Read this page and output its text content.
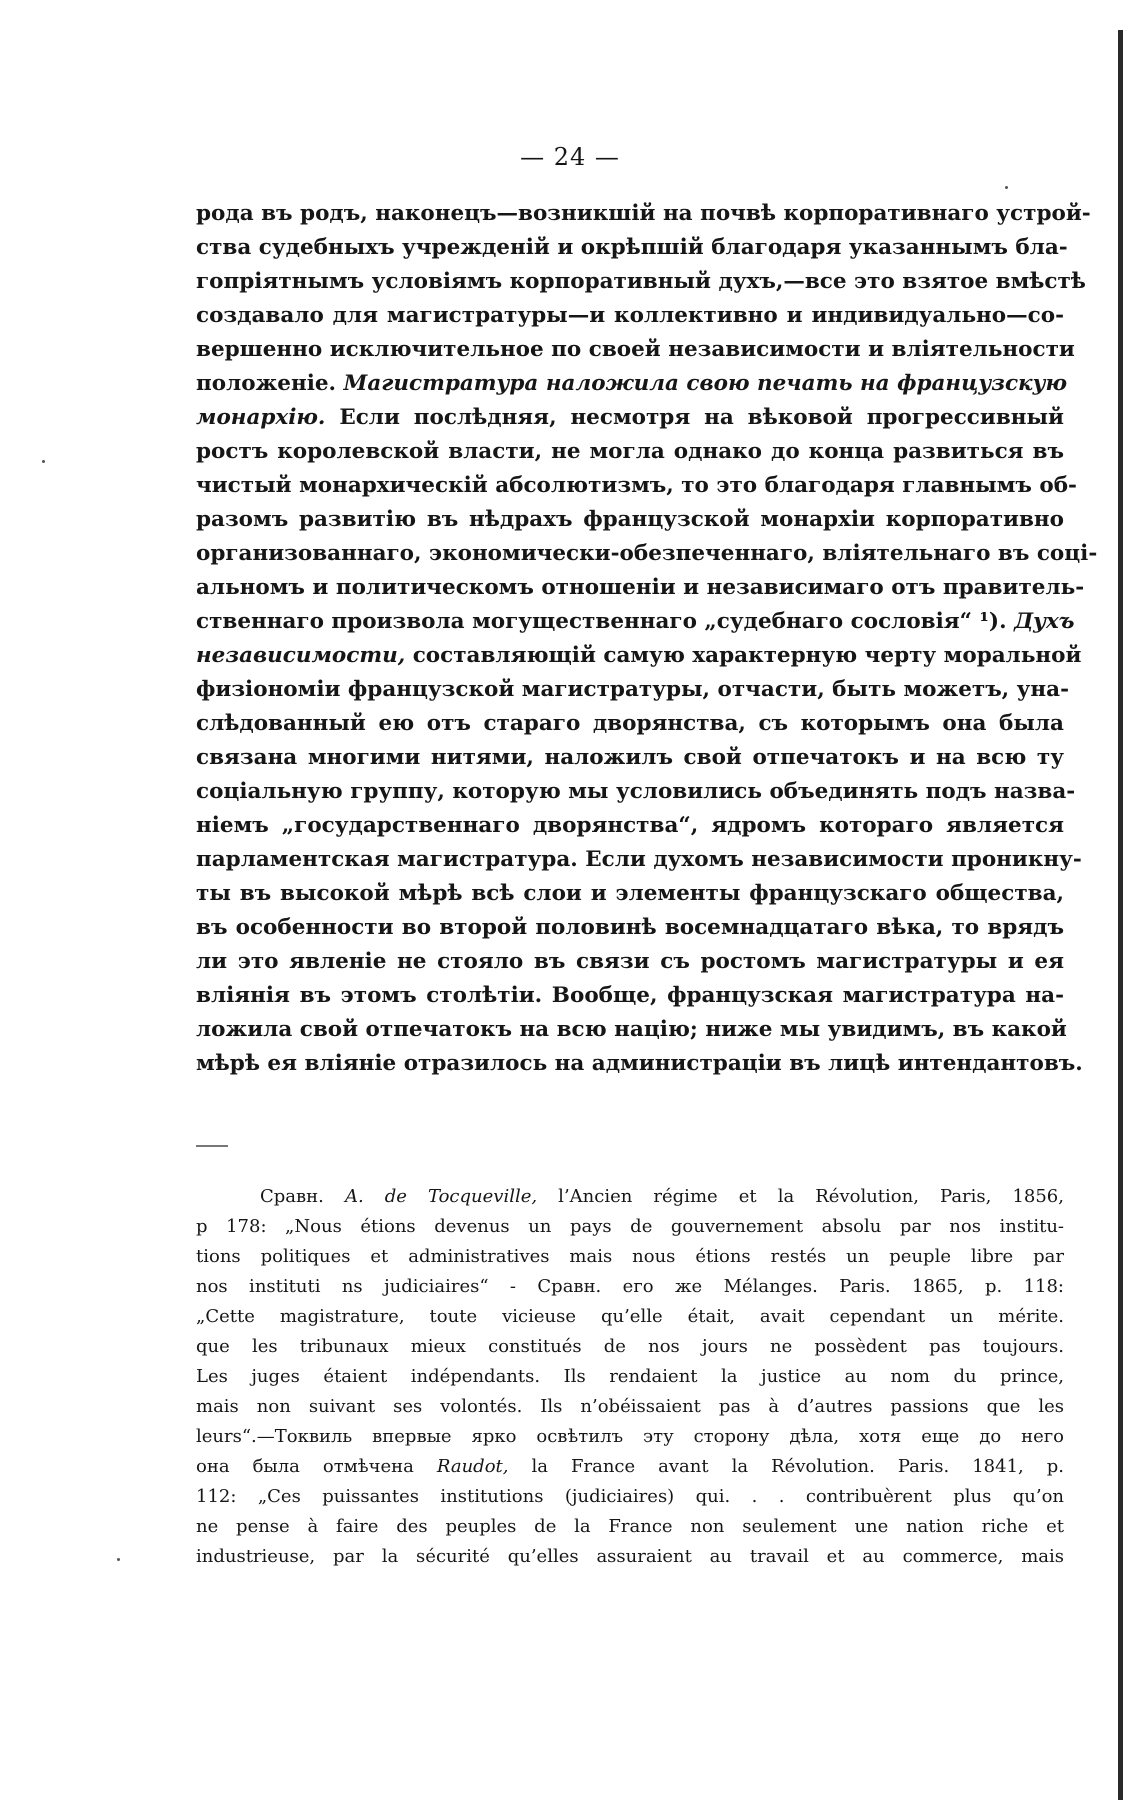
— 24 —
рода въ родъ, наконецъ—возникшій на почвѣ корпоративнаго устрой-
ства судебныхъ учрежденій и окрѣпшій благодаря указаннымъ бла-
гопріятнымъ условіямъ корпоративный духъ,—все это взятое вмѣстѣ
создавало для магистратуры—и коллективно и индивидуально—со-
вершенно исключительное по своей независимости и вліятельности
положеніе. Магистратура наложила свою печать на французскую
монархію. Если послѣдняя, несмотря на вѣковой прогрессивный
ростъ королевской власти, не могла однако до конца развиться въ
чистый монархическій абсолютизмъ, то это благодаря главнымъ об-
разомъ развитію въ нѣдрахъ французской монархіи корпоративно
организованнаго, экономически-обезпеченнаго, вліятельнаго въ соці-
альномъ и политическомъ отношеніи и независимаго отъ правитель-
ственнаго произвола могущественнаго „судебнаго сословія“ ¹). Духъ
независимости, составляющій самую характерную черту моральной
физіономіи французской магистратуры, отчасти, быть можетъ, уна-
слѣдованный ею отъ стараго дворянства, съ которымъ она была
связана многими нитями, наложилъ свой отпечатокъ и на всю ту
соціальную группу, которую мы условились объединять подъ назва-
ніемъ „государственнаго дворянства“, ядромъ котораго является
парламентская магистратура. Если духомъ независимости проникну-
ты въ высокой мѣрѣ всѣ слои и элементы французскаго общества,
въ особенности во второй половинѣ восемнадцатаго вѣка, то врядъ
ли это явленіе не стояло въ связи съ ростомъ магистратуры и ея
вліянія въ этомъ столѣтіи. Вообще, французская магистратура на-
ложила свой отпечатокъ на всю націю; ниже мы увидимъ, въ какой
мѣрѣ ея вліяніе отразилось на администраціи въ лицѣ интендантовъ.
Сравн. A. de Tocqueville, l’Ancien régime et la Révolution, Paris, 1856,
p 178: „Nous étions devenus un pays de gouvernement absolu par nos institu-
tions politiques et administratives mais nous étions restés un peuple libre par
nos instituti ns judiciaires“ - Сравн. его же Mélanges. Paris. 1865, p. 118:
„Cette magistrature, toute vicieuse qu’elle était, avait cependant un mérite.
que les tribunaux mieux constitués de nos jours ne possèdent pas toujours.
Les juges étaient indépendants. Ils rendaient la justice au nom du prince,
mais non suivant ses volontés. Ils n’obéissaient pas à d’autres passions que les
leurs“.—Токвиль впервые ярко освѣтилъ эту сторону дѣла, хотя еще до него
она была отмѣчена Raudot, la France avant la Révolution. Paris. 1841, p.
112: „Ces puissantes institutions (judiciaires) qui. . . contribuèrent plus qu’on
ne pense à faire des peuples de la France non seulement une nation riche et
industrieuse, par la sécurité qu’elles assuraient au travail et au commerce, mais
